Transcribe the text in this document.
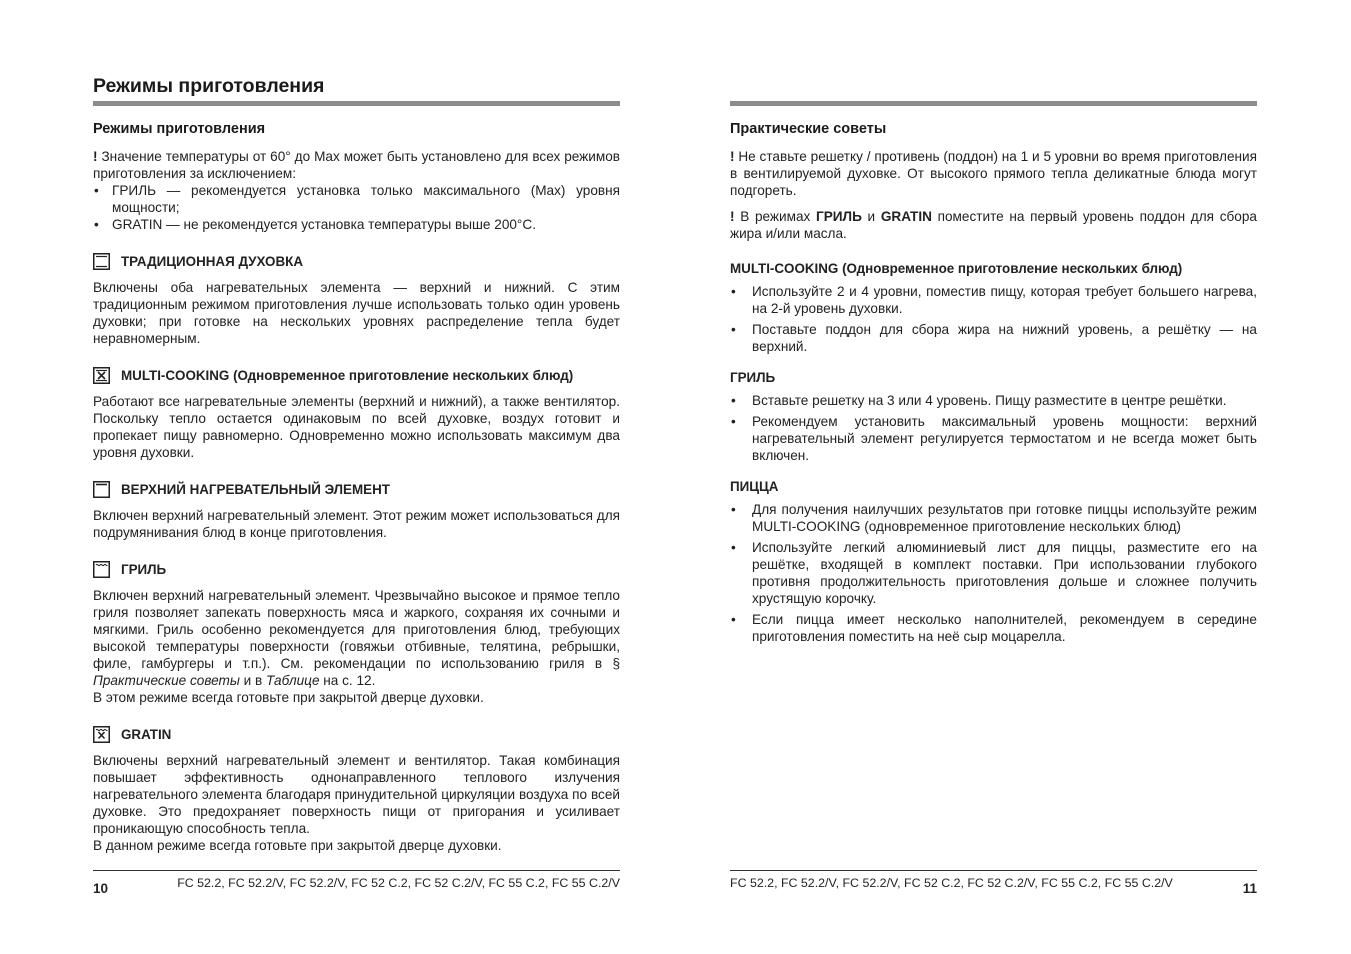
Режимы приготовления
Режимы приготовления

! Значение температуры от 60° до Max может быть установлено для всех режимов приготовления за исключением:

• ГРИЛЬ — рекомендуется установка только максимального (Max) уровня мощности;
• GRATIN — не рекомендуется установка температуры выше 200°C.
ТРАДИЦИОННАЯ ДУХОВКА

Включены оба нагревательных элемента — верхний и нижний. С этим традиционным режимом приготовления лучше использовать только один уровень духовки; при готовке на нескольких уровнях распределение тепла будет неравномерным.

MULTI-COOKING (Одновременное приготовление нескольких блюд)

Работают все нагревательные элементы (верхний и нижний), а также вентилятор. Поскольку тепло остается одинаковым по всей духовке, воздух готовит и пропекает пищу равномерно. Одновременно можно использовать максимум два уровня духовки.

ВЕРХНИЙ НАГРЕВАТЕЛЬНЫЙ ЭЛЕМЕНТ

Включен верхний нагревательный элемент. Этот режим может использоваться для подрумянивания блюд в конце приготовления.

ГРИЛЬ

Включен верхний нагревательный элемент. Чрезвычайно высокое и прямое тепло гриля позволяет запекать поверхность мяса и жаркого, сохраняя их сочными и мягкими. Гриль особенно рекомендуется для приготовления блюд, требующих высокой температуры поверхности (говяжьи отбивные, телятина, ребрышки, филе, гамбургеры и т.п.). См. рекомендации по использованию гриля в § Практические советы и в Таблице на с. 12.

В этом режиме всегда готовьте при закрытой дверце духовки.

GRATIN

Включены верхний нагревательный элемент и вентилятор. Такая комбинация повышает эффективность однонаправленного теплового излучения нагревательного элемента благодаря принудительной циркуляции воздуха по всей духовке. Это предохраняет поверхность пищи от пригорания и усиливает проникающую способность тепла.

В данном режиме всегда готовьте при закрытой дверце духовки.

10	FC 52.2, FC 52.2/V, FC 52.2/V, FC 52 C.2, FC 52 C.2/V, FC 55 C.2, FC 55 C.2/V
Практические советы

! Не ставьте решетку / противень (поддон) на 1 и 5 уровни во время приготовления в вентилируемой духовке. От высокого прямого тепла деликатные блюда могут подгореть.

! В режимах ГРИЛЬ и GRATIN поместите на первый уровень поддон для сбора жира и/или масла.

MULTI-COOKING (Одновременное приготовление нескольких блюд)
• Используйте 2 и 4 уровни, поместив пищу, которая требует большего нагрева, на 2-й уровень духовки.
• Поставьте поддон для сбора жира на нижний уровень, а решётку — на верхний.
ГРИЛЬ
• Вставьте решетку на 3 или 4 уровень. Пищу разместите в центре решётки.
• Рекомендуем установить максимальный уровень мощности: верхний нагревательный элемент регулируется термостатом и не всегда может быть включен.
ПИЦЦА
• Для получения наилучших результатов при готовке пиццы используйте режим MULTI-COOKING (одновременное приготовление нескольких блюд)
• Используйте легкий алюминиевый лист для пиццы, разместите его на решётке, входящей в комплект поставки. При использовании глубокого противня продолжительность приготовления дольше и сложнее получить хрустящую корочку.
• Если пицца имеет несколько наполнителей, рекомендуем в середине приготовления поместить на неё сыр моцарелла.
FC 52.2, FC 52.2/V, FC 52.2/V, FC 52 C.2, FC 52 C.2/V, FC 55 C.2, FC 55 C.2/V	11
